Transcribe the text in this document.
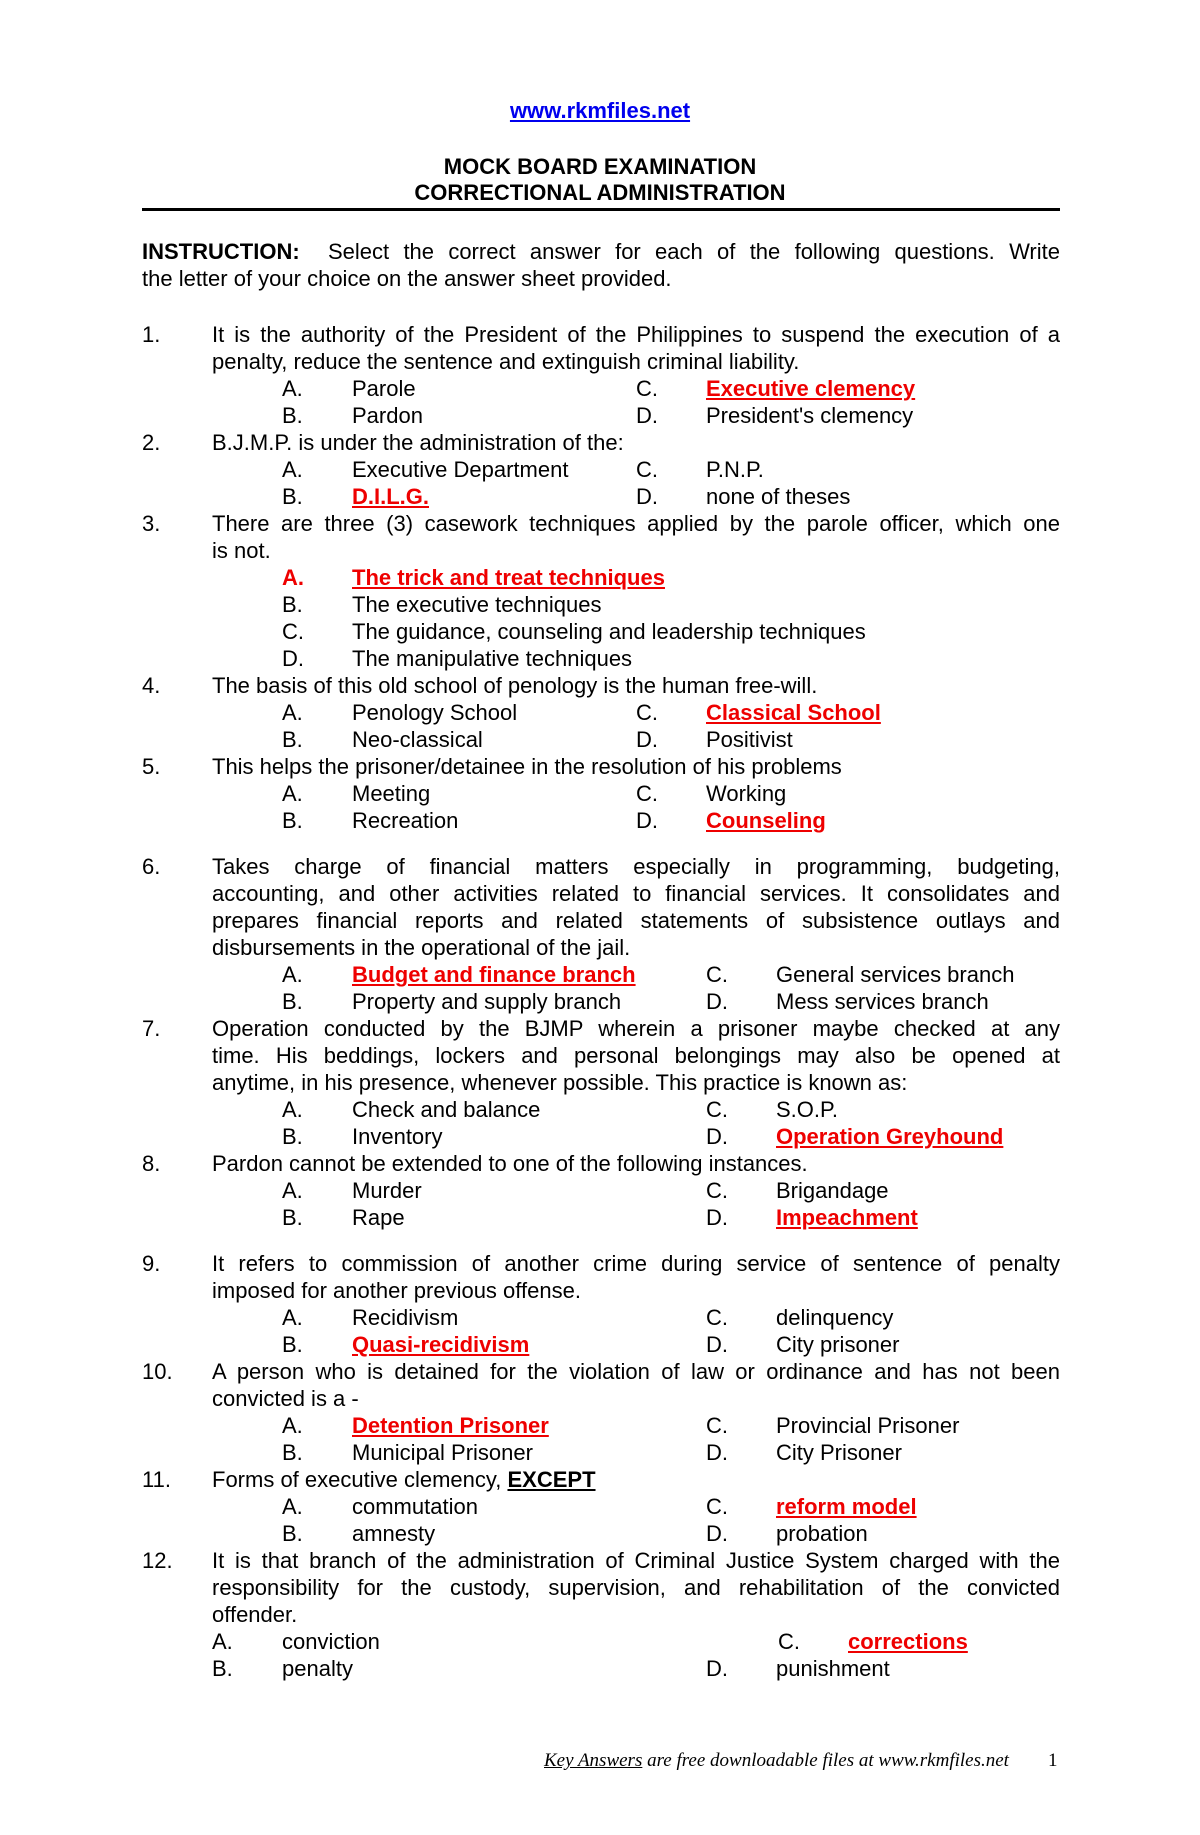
www.rkmfiles.net
MOCK BOARD EXAMINATION
CORRECTIONAL ADMINISTRATION
INSTRUCTION: Select the correct answer for each of the following questions. Write
the letter of your choice on the answer sheet provided.
1. It is the authority of the President of the Philippines to suspend the execution of a
penalty, reduce the sentence and extinguish criminal liability.
A. Parole	C. Executive clemency
B. Pardon	D. President's clemency
2. B.J.M.P. is under the administration of the:
A. Executive Department	C. P.N.P.
B. D.I.L.G.	D. none of theses
3. There are three (3) casework techniques applied by the parole officer, which one
is not.
A. The trick and treat techniques
B. The executive techniques
C. The guidance, counseling and leadership techniques
D. The manipulative techniques
4. The basis of this old school of penology is the human free-will.
A. Penology School	C. Classical School
B. Neo-classical	D. Positivist
5. This helps the prisoner/detainee in the resolution of his problems
A. Meeting	C. Working
B. Recreation	D. Counseling
6. Takes charge of financial matters especially in programming, budgeting,
accounting, and other activities related to financial services. It consolidates and
prepares financial reports and related statements of subsistence outlays and
disbursements in the operational of the jail.
A. Budget and finance branch	C. General services branch
B. Property and supply branch	D. Mess services branch
7. Operation conducted by the BJMP wherein a prisoner maybe checked at any
time. His beddings, lockers and personal belongings may also be opened at
anytime, in his presence, whenever possible. This practice is known as:
A. Check and balance	C. S.O.P.
B. Inventory	D. Operation Greyhound
8. Pardon cannot be extended to one of the following instances.
A. Murder	C. Brigandage
B. Rape	D. Impeachment
9. It refers to commission of another crime during service of sentence of penalty
imposed for another previous offense.
A. Recidivism	C. delinquency
B. Quasi-recidivism	D. City prisoner
10. A person who is detained for the violation of law or ordinance and has not been
convicted is a -
A. Detention Prisoner	C. Provincial Prisoner
B. Municipal Prisoner	D. City Prisoner
11. Forms of executive clemency, EXCEPT
A. commutation	C. reform model
B. amnesty	D. probation
12. It is that branch of the administration of Criminal Justice System charged with the
responsibility for the custody, supervision, and rehabilitation of the convicted
offender.
A. conviction	C. corrections
B. penalty	D. punishment
Key Answers are free downloadable files at www.rkmfiles.net 1
